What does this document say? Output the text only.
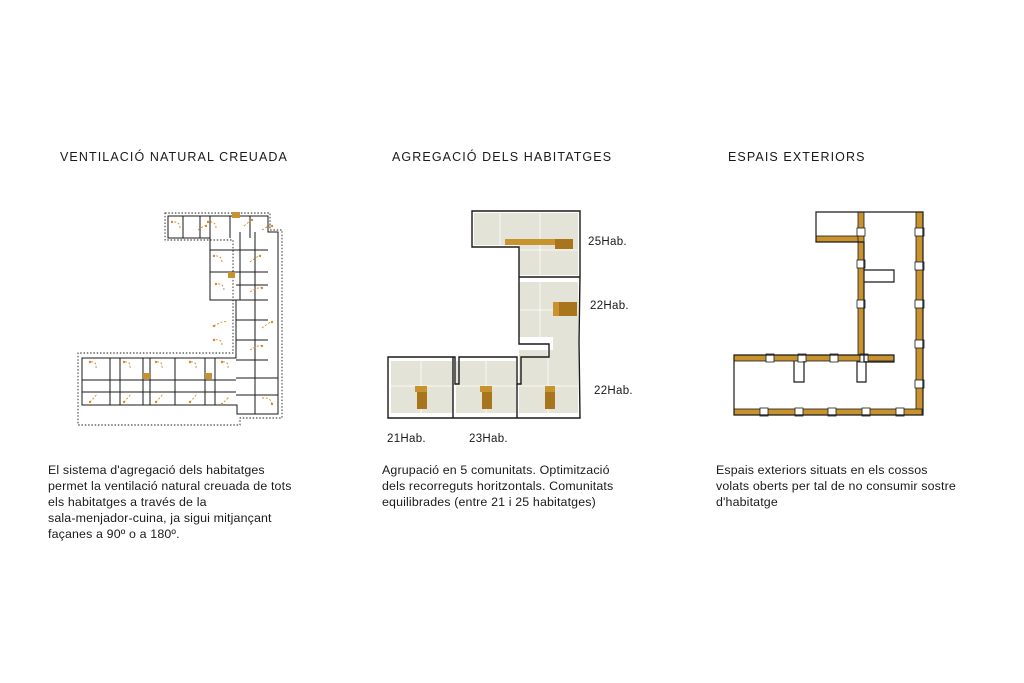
VENTILACIÓ NATURAL CREUADA
El sistema d'agregació dels habitatges
permet la ventilació natural creuada de tots
els habitatges a través de la
sala-menjador-cuina, ja sigui mitjançant
façanes a 90º o a 180º.
AGREGACIÓ DELS HABITATGES
25Hab.
22Hab.
22Hab.
21Hab.	23Hab.
Agrupació en 5 comunitats. Optimització
dels recorreguts horitzontals. Comunitats
equilibrades (entre 21 i 25 habitatges)
ESPAIS EXTERIORS
Espais exteriors situats en els cossos
volats oberts per tal de no consumir sostre
d'habitatge
